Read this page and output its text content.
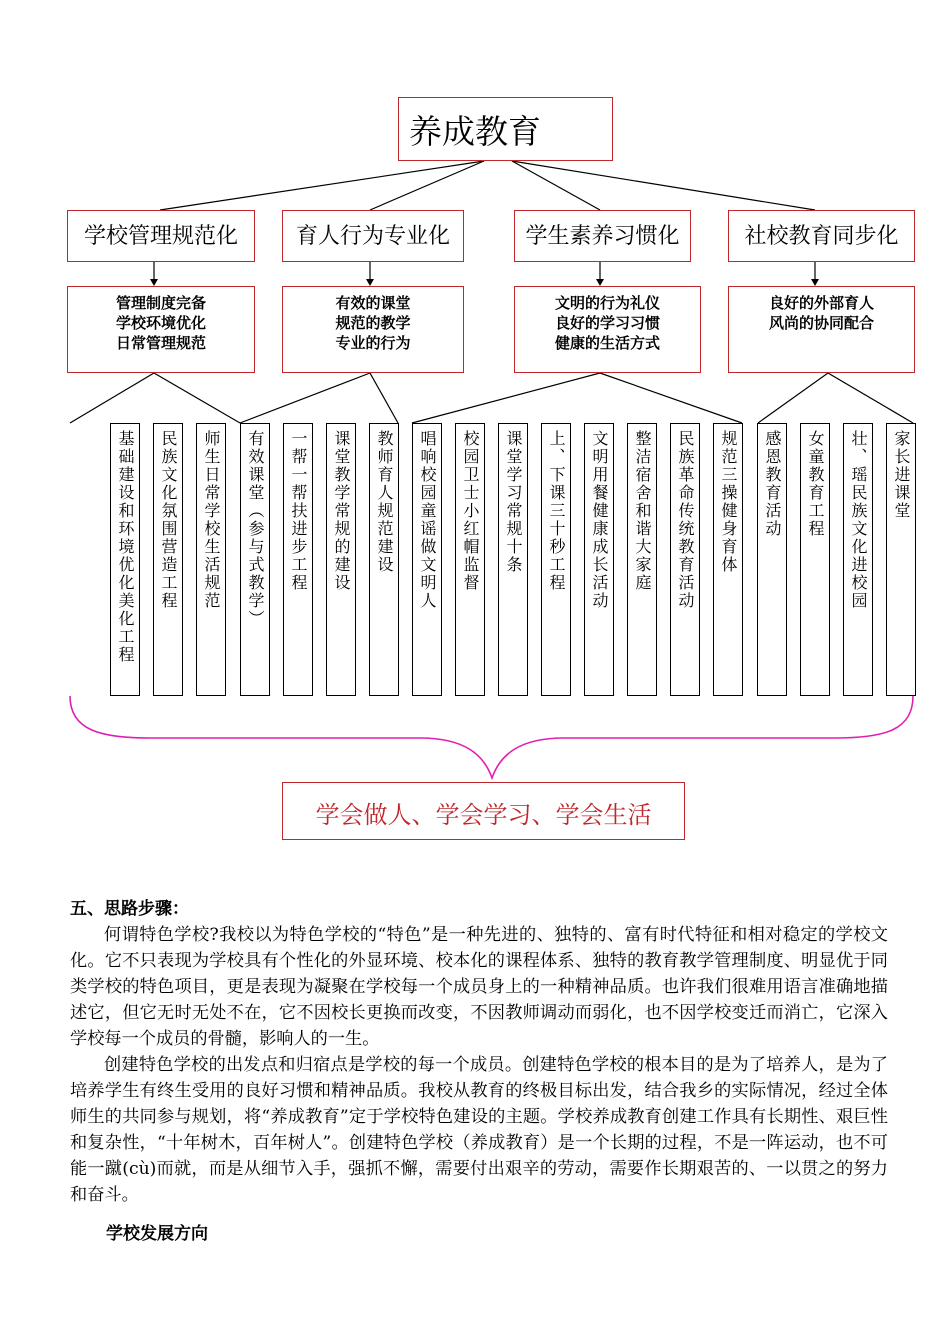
养成教育
学校管理规范化	育人行为专业化	学生素养习惯化	社校教育同步化
管理制度完备
学校环境优化
日常管理规范
有效的课堂
规范的教学
专业的行为
文明的行为礼仪
良好的学习习惯
健康的生活方式
良好的外部育人
风尚的协同配合
基础建设和环境优化美化工程	民族文化氛围营造工程	师生日常学校生活规范	有效课堂（参与式教学）	一帮一帮扶进步工程	课堂教学常规的建设	教师育人规范建设	唱响校园童谣做文明人	校园卫士小红帽监督	课堂学习常规十条	上、下课三十秒工程	文明用餐健康成长活动	整洁宿舍和谐大家庭	民族革命传统教育活动	规范三操健身育体	感恩教育活动	女童教育工程	壮、瑶民族文化进校园	家长进课堂
学会做人、学会学习、学会生活
五、思路步骤：

何谓特色学校?我校以为特色学校的“特色”是一种先进的、独特的、富有时代特征和相对稳定的学校文化。它不只表现为学校具有个性化的外显环境、校本化的课程体系、独特的教育教学管理制度、明显优于同类学校的特色项目，更是表现为凝聚在学校每一个成员身上的一种精神品质。也许我们很难用语言准确地描述它，但它无时无处不在，它不因校长更换而改变，不因教师调动而弱化，也不因学校变迁而消亡，它深入学校每一个成员的骨髓，影响人的一生。

创建特色学校的出发点和归宿点是学校的每一个成员。创建特色学校的根本目的是为了培养人，是为了培养学生有终生受用的良好习惯和精神品质。我校从教育的终极目标出发，结合我乡的实际情况，经过全体师生的共同参与规划，将“养成教育”定于学校特色建设的主题。学校养成教育创建工作具有长期性、艰巨性和复杂性，“十年树木，百年树人”。创建特色学校（养成教育）是一个长期的过程，不是一阵运动，也不可能一蹴(cù)而就，而是从细节入手，强抓不懈，需要付出艰辛的劳动，需要作长期艰苦的、一以贯之的努力和奋斗。

学校发展方向
